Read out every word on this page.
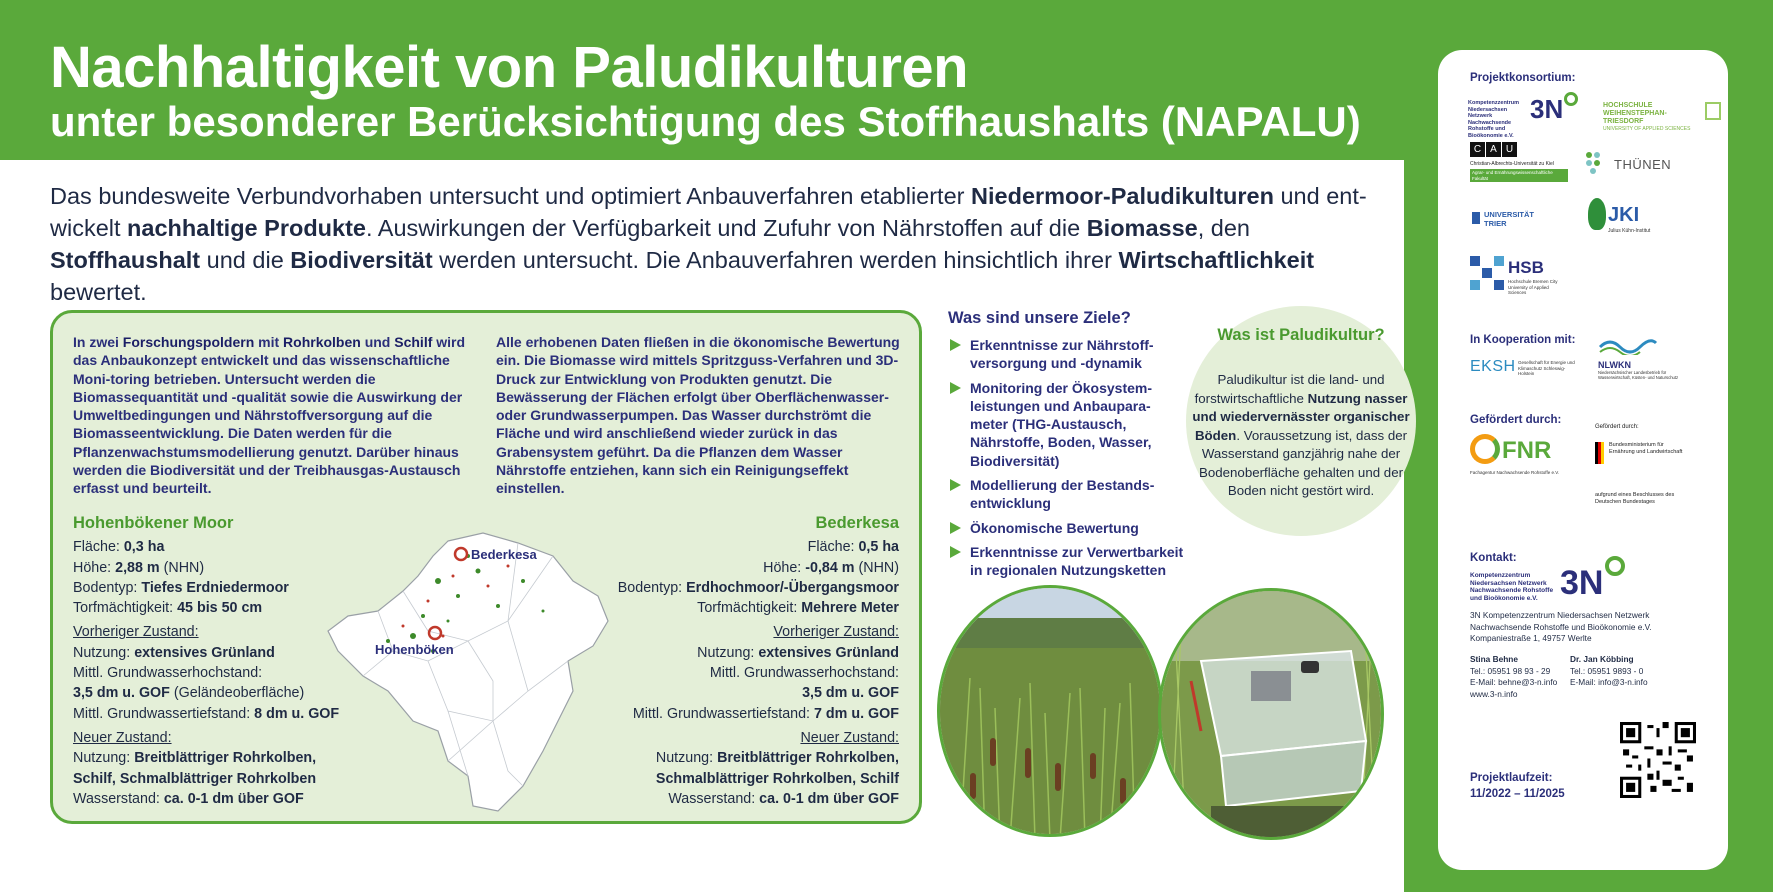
Nachhaltigkeit von Paludikulturen
unter besonderer Berücksichtigung des Stoffhaushalts (NAPALU)

Das bundesweite Verbundvorhaben untersucht und optimiert Anbauverfahren etablierter Niedermoor-Paludikulturen und ent-wickelt nachhaltige Produkte. Auswirkungen der Verfügbarkeit und Zufuhr von Nährstoffen auf die Biomasse, den Stoffhaushalt und die Biodiversität werden untersucht. Die Anbauverfahren werden hinsichtlich ihrer Wirtschaftlichkeit bewertet.

In zwei Forschungspoldern mit Rohrkolben und Schilf wird das Anbaukonzept entwickelt und das wissenschaftliche Moni-toring betrieben. Untersucht werden die Biomassequantität und -qualität sowie die Auswirkung der Umweltbedingungen und Nährstoffversorgung auf die Biomasseentwicklung. Die Daten werden für die Pflanzenwachstumsmodellierung genutzt. Darüber hinaus werden die Biodiversität und der Treibhausgas-Austausch erfasst und beurteilt.

Alle erhobenen Daten fließen in die ökonomische Bewertung ein. Die Biomasse wird mittels Spritzguss-Verfahren und 3D-Druck zur Entwicklung von Produkten genutzt. Die Bewässerung der Flächen erfolgt über Oberflächenwasser- oder Grundwasserpumpen. Das Wasser durchströmt die Fläche und wird anschließend wieder zurück in das Grabensystem geführt. Da die Pflanzen dem Wasser Nährstoffe entziehen, kann sich ein Reinigungseffekt einstellen.

Hohenbökener Moor
Fläche: 0,3 ha
Höhe: 2,88 m (NHN)
Bodentyp: Tiefes Erdniedermoor
Torfmächtigkeit: 45 bis 50 cm
Vorheriger Zustand:
Nutzung: extensives Grünland
Mittl. Grundwasserhochstand:
3,5 dm u. GOF (Geländeoberfläche)
Mittl. Grundwassertiefstand: 8 dm u. GOF
Neuer Zustand:
Nutzung: Breitblättriger Rohrkolben, Schilf, Schmalblättriger Rohrkolben
Wasserstand: ca. 0-1 dm über GOF
Bederkesa
Fläche: 0,5 ha
Höhe: -0,84 m (NHN)
Bodentyp: Erdhochmoor/-Übergangsmoor
Torfmächtigkeit: Mehrere Meter
Vorheriger Zustand:
Nutzung: extensives Grünland
Mittl. Grundwasserhochstand:
3,5 dm u. GOF
Mittl. Grundwassertiefstand: 7 dm u. GOF
Neuer Zustand:
Nutzung: Breitblättriger Rohrkolben, Schmalblättriger Rohrkolben, Schilf
Wasserstand: ca. 0-1 dm über GOF
Bederkesa
Hohenböken
Was sind unsere Ziele?
Erkenntnisse zur Nährstoff-versorgung und -dynamik
Monitoring der Ökosystem-leistungen und Anbaupara-meter (THG-Austausch, Nährstoffe, Boden, Wasser, Biodiversität)
Modellierung der Bestands-entwicklung
Ökonomische Bewertung
Erkenntnisse zur Verwertbarkeit in regionalen Nutzungsketten
Was ist Paludikultur?

Paludikultur ist die land- und forstwirtschaftliche Nutzung nasser und wiedervernässter organischer Böden. Voraussetzung ist, dass der Wasserstand ganzjährig nahe der Bodenoberfläche gehalten und der Boden nicht gestört wird.

Projektkonsortium:
Kompetenzzentrum Niedersachsen Netzwerk Nachwachsende Rohstoffe und Bioökonomie e.V.
3N	HOCHSCHULE WEIHENSTEPHAN-TRIESDORF
UNIVERSITY OF APPLIED SCIENCES
C A U
Christian-Albrechts-Universität zu Kiel
Agrar- und Ernährungswissenschaftliche Fakultät
THÜNEN
UNIVERSITÄT TRIER	JKI
Julius Kühn-Institut
HSB
Hochschule Bremen City University of Applied Sciences
In Kooperation mit:
EKSH Gesellschaft für Energie und Klimaschutz Schleswig-Holstein
NLWKN
Niedersächsischer Landesbetrieb für Wasserwirtschaft, Küsten- und Naturschutz
Gefördert durch:
FNR
Fachagentur Nachwachsende Rohstoffe e.V.
Gefördert durch:
Bundesministerium für Ernährung und Landwirtschaft
aufgrund eines Beschlusses des Deutschen Bundestages
Kontakt:
Kompetenzzentrum Niedersachsen Netzwerk Nachwachsende Rohstoffe und Bioökonomie e.V. 3N
3N Kompetenzzentrum Niedersachsen Netzwerk Nachwachsende Rohstoffe und Bioökonomie e.V.
Kompaniestraße 1, 49757 Werlte
Stina Behne
Tel.: 05951 98 93 - 29
E-Mail: behne@3-n.info
www.3-n.info
Dr. Jan Köbbing
Tel.: 05951 9893 - 0
E-Mail: info@3-n.info
Projektlaufzeit:
11/2022 – 11/2025
